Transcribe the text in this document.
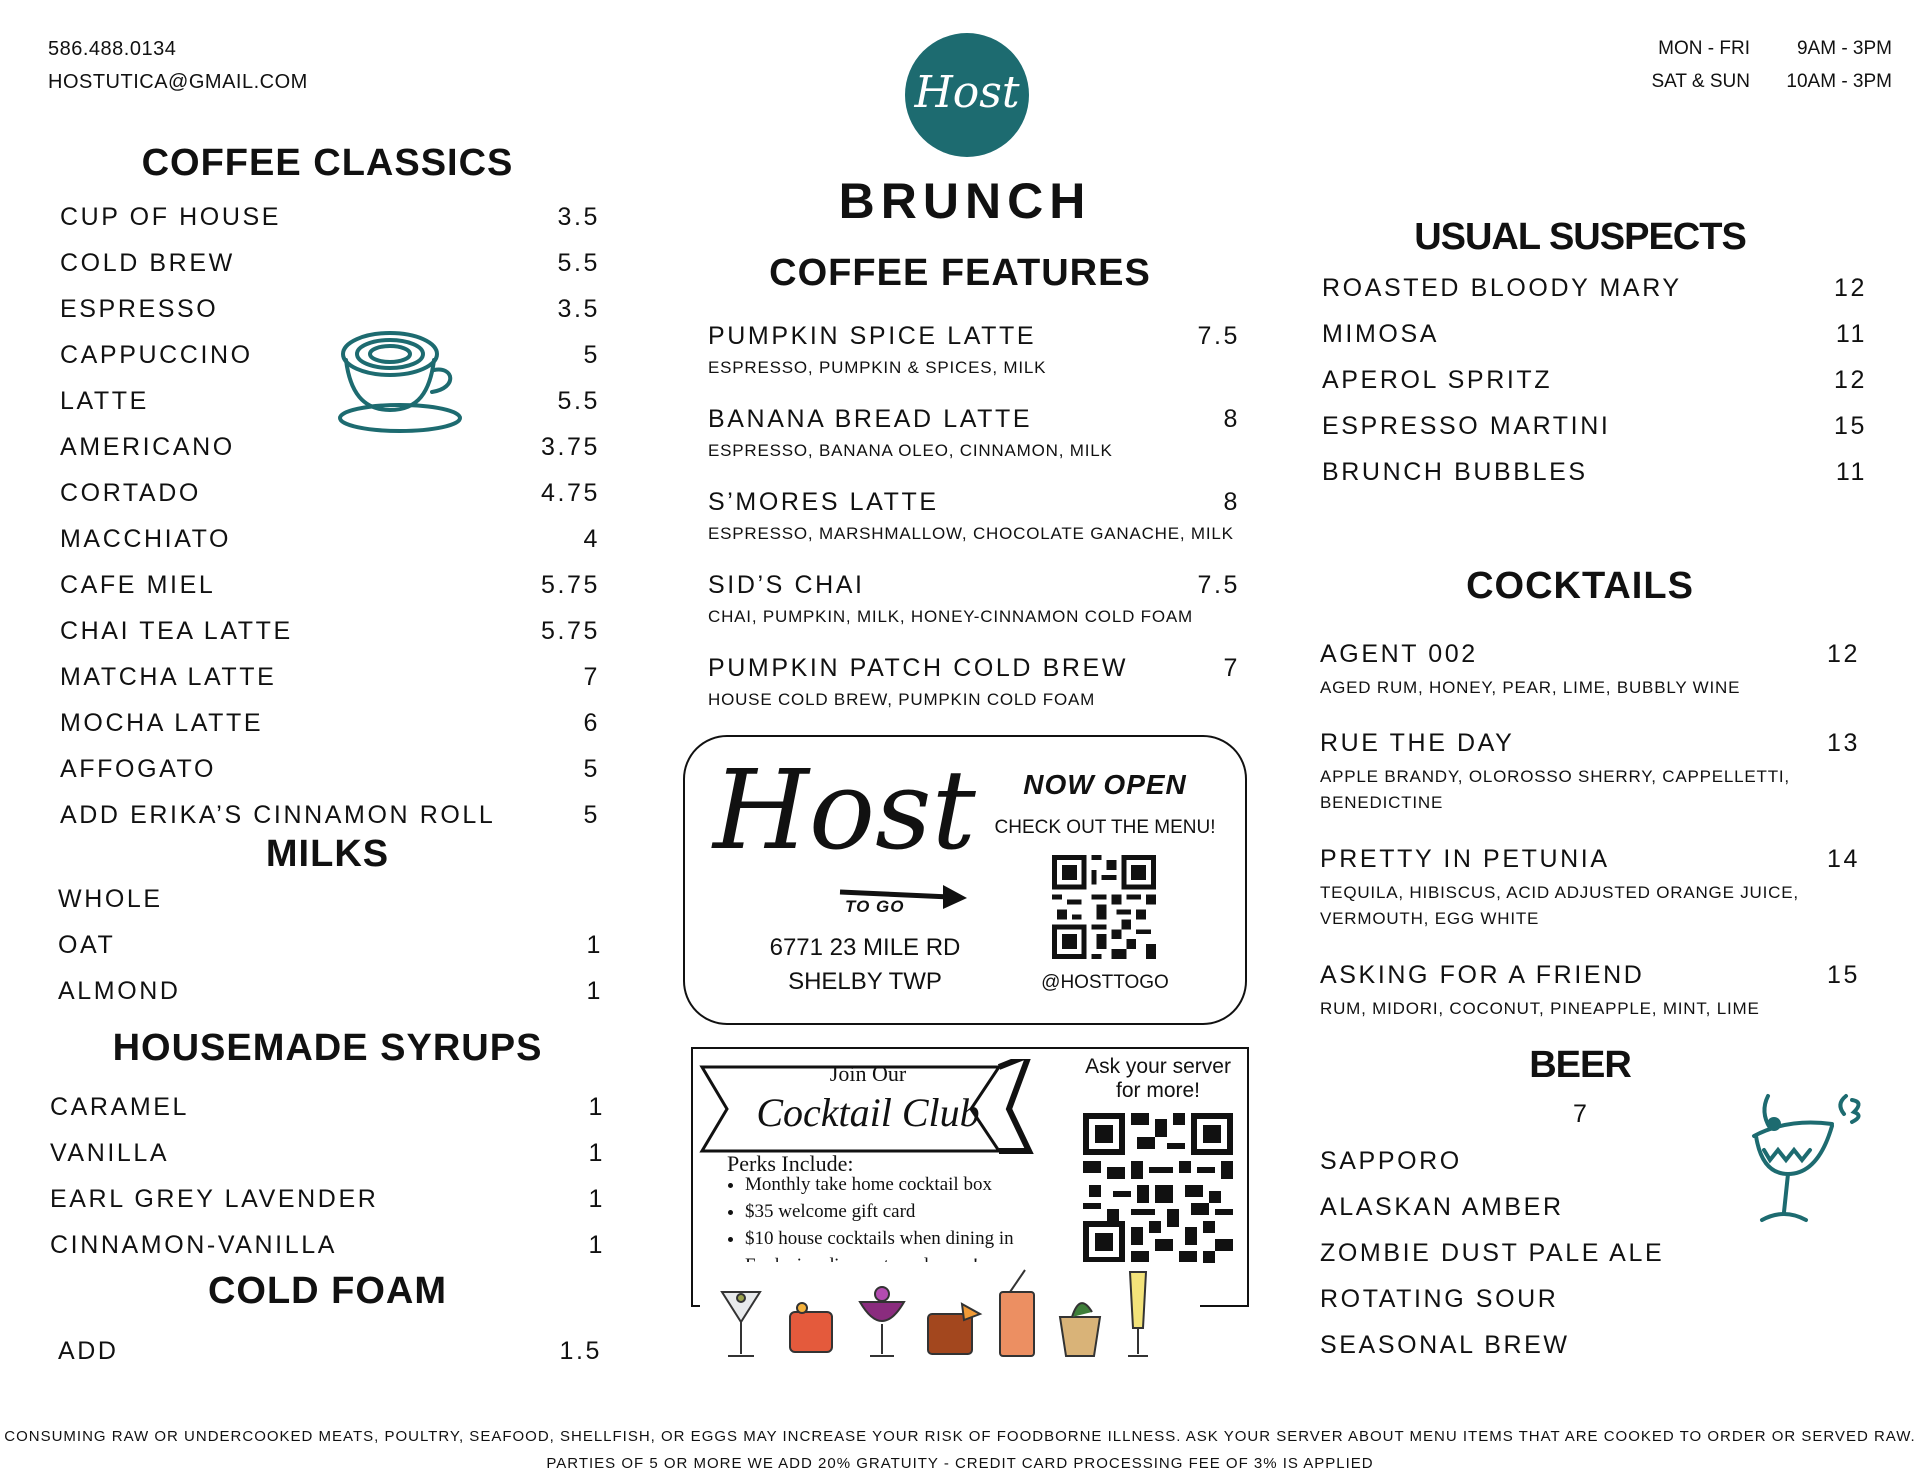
586.488.0134
HOSTUTICA@GMAIL.COM
MON - FRI	9AM - 3PM
SAT & SUN	10AM - 3PM
Host
BRUNCH
COFFEE CLASSICS
CUP OF HOUSE	3.5
COLD BREW	5.5
ESPRESSO	3.5
CAPPUCCINO	5
LATTE	5.5
AMERICANO	3.75
CORTADO	4.75
MACCHIATO	4
CAFE MIEL	5.75
CHAI TEA LATTE	5.75
MATCHA LATTE	7
MOCHA LATTE	6
AFFOGATO	5
ADD ERIKA’S CINNAMON ROLL	5
MILKS
WHOLE
OAT	1
ALMOND	1
HOUSEMADE SYRUPS
CARAMEL	1
VANILLA	1
EARL GREY LAVENDER	1
CINNAMON-VANILLA	1
COLD FOAM
ADD	1.5
COFFEE FEATURES
PUMPKIN SPICE LATTE	7.5
ESPRESSO, PUMPKIN & SPICES, MILK
BANANA BREAD LATTE	8
ESPRESSO, BANANA OLEO, CINNAMON, MILK
S’MORES LATTE	8
ESPRESSO, MARSHMALLOW, CHOCOLATE GANACHE, MILK
SID’S CHAI	7.5
CHAI, PUMPKIN, MILK, HONEY-CINNAMON COLD FOAM
PUMPKIN PATCH COLD BREW	7
HOUSE COLD BREW, PUMPKIN COLD FOAM
Host
TO GO
6771 23 MILE RD
SHELBY TWP
NOW OPEN
CHECK OUT THE MENU!
@HOSTTOGO
Join Our
Cocktail Club
Ask your server for more!
Perks Include:
• Monthly take home cocktail box
• $35 welcome gift card
• $10 house cocktails when dining in
•
USUAL SUSPECTS
ROASTED BLOODY MARY	12
MIMOSA	11
APEROL SPRITZ	12
ESPRESSO MARTINI	15
BRUNCH BUBBLES	11
COCKTAILS
AGENT 002	12
AGED RUM, HONEY, PEAR, LIME, BUBBLY WINE
RUE THE DAY	13
APPLE BRANDY, OLOROSSO SHERRY, CAPPELLETTI,
BENEDICTINE
PRETTY IN PETUNIA	14
TEQUILA, HIBISCUS, ACID ADJUSTED ORANGE JUICE,
VERMOUTH, EGG WHITE
ASKING FOR A FRIEND	15
RUM, MIDORI, COCONUT, PINEAPPLE, MINT, LIME
BEER
7
SAPPORO
ALASKAN AMBER
ZOMBIE DUST PALE ALE
ROTATING SOUR
SEASONAL BREW
CONSUMING RAW OR UNDERCOOKED MEATS, POULTRY, SEAFOOD, SHELLFISH, OR EGGS MAY INCREASE YOUR RISK OF FOODBORNE ILLNESS. ASK YOUR SERVER ABOUT MENU ITEMS THAT ARE COOKED TO ORDER OR SERVED RAW.
PARTIES OF 5 OR MORE WE ADD 20% GRATUITY - CREDIT CARD PROCESSING FEE OF 3% IS APPLIED
